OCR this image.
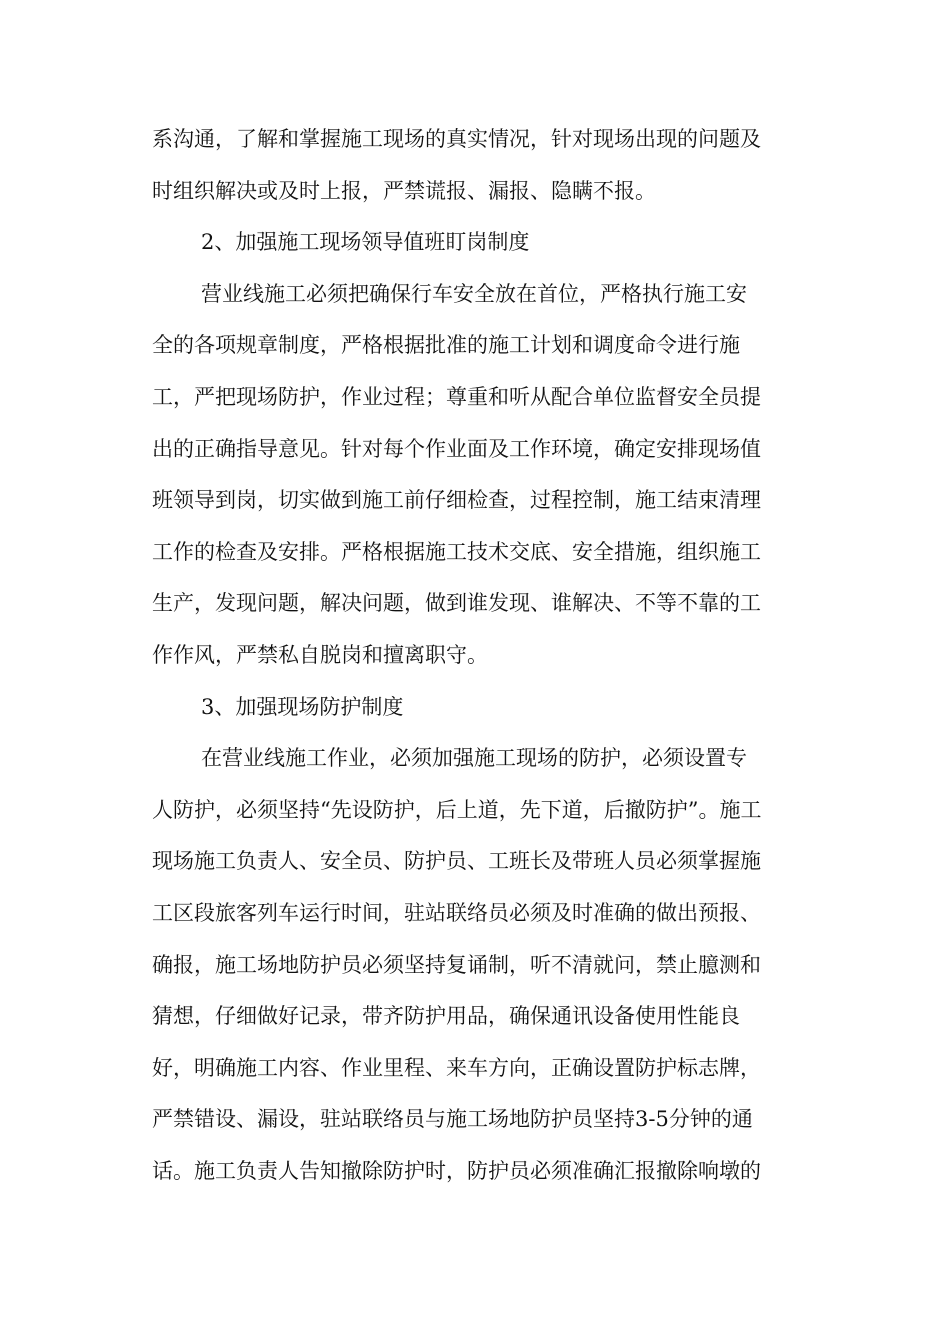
系沟通，了解和掌握施工现场的真实情况，针对现场出现的问题及
时组织解决或及时上报，严禁谎报、漏报、隐瞒不报。
2、加强施工现场领导值班盯岗制度
营业线施工必须把确保行车安全放在首位，严格执行施工安
全的各项规章制度，严格根据批准的施工计划和调度命令进行施
工，严把现场防护，作业过程；尊重和听从配合单位监督安全员提
出的正确指导意见。针对每个作业面及工作环境，确定安排现场值
班领导到岗，切实做到施工前仔细检查，过程控制，施工结束清理
工作的检查及安排。严格根据施工技术交底、安全措施，组织施工
生产，发现问题，解决问题，做到谁发现、谁解决、不等不靠的工
作作风，严禁私自脱岗和擅离职守。
3、加强现场防护制度
在营业线施工作业，必须加强施工现场的防护，必须设置专
人防护，必须坚持“先设防护，后上道，先下道，后撤防护”。施工
现场施工负责人、安全员、防护员、工班长及带班人员必须掌握施
工区段旅客列车运行时间，驻站联络员必须及时准确的做出预报、
确报，施工场地防护员必须坚持复诵制，听不清就问，禁止臆测和
猜想，仔细做好记录，带齐防护用品，确保通讯设备使用性能良
好，明确施工内容、作业里程、来车方向，正确设置防护标志牌，
严禁错设、漏设，驻站联络员与施工场地防护员坚持3-5分钟的通
话。施工负责人告知撤除防护时，防护员必须准确汇报撤除响墩的
